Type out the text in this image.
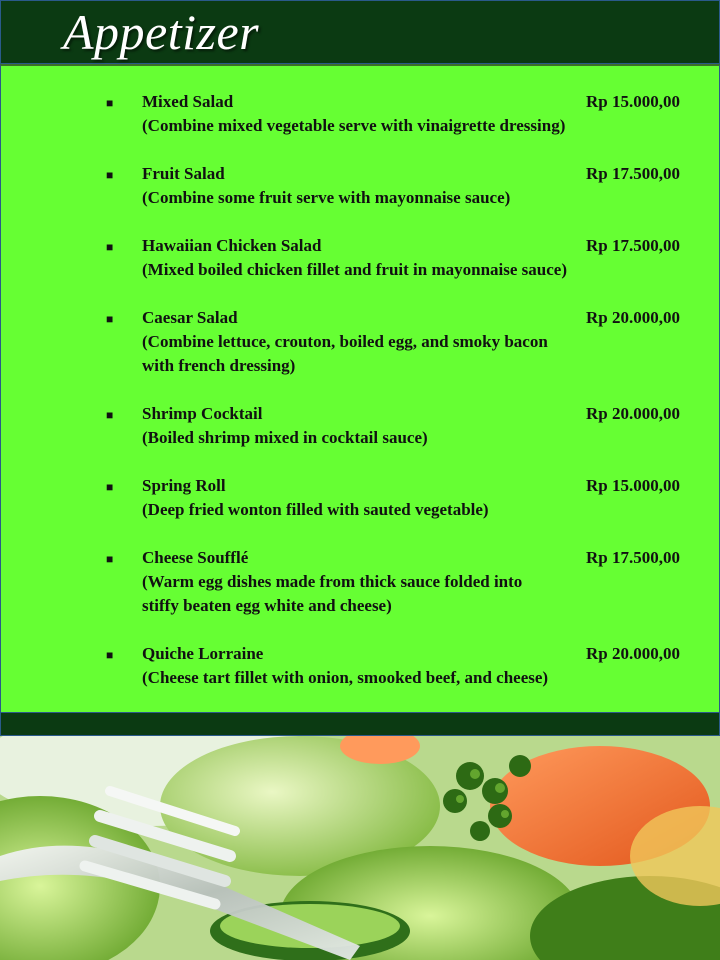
Appetizer
■ Mixed Salad	Rp 15.000,00
(Combine mixed vegetable serve with vinaigrette dressing)
■ Fruit Salad	Rp 17.500,00
(Combine some fruit serve with mayonnaise sauce)
■ Hawaiian Chicken Salad	Rp 17.500,00
(Mixed boiled chicken fillet and fruit in mayonnaise sauce)
■ Caesar Salad	Rp 20.000,00
(Combine lettuce, crouton, boiled egg, and smoky bacon
with french dressing)
■ Shrimp Cocktail	Rp 20.000,00
(Boiled shrimp mixed in cocktail sauce)
■ Spring Roll	Rp 15.000,00
(Deep fried wonton filled with sauted vegetable)
■ Cheese Soufflé	Rp 17.500,00
(Warm egg dishes made from thick sauce folded into
stiffy beaten egg white and cheese)
■ Quiche Lorraine	Rp 20.000,00
(Cheese tart fillet with onion, smooked beef, and cheese)
